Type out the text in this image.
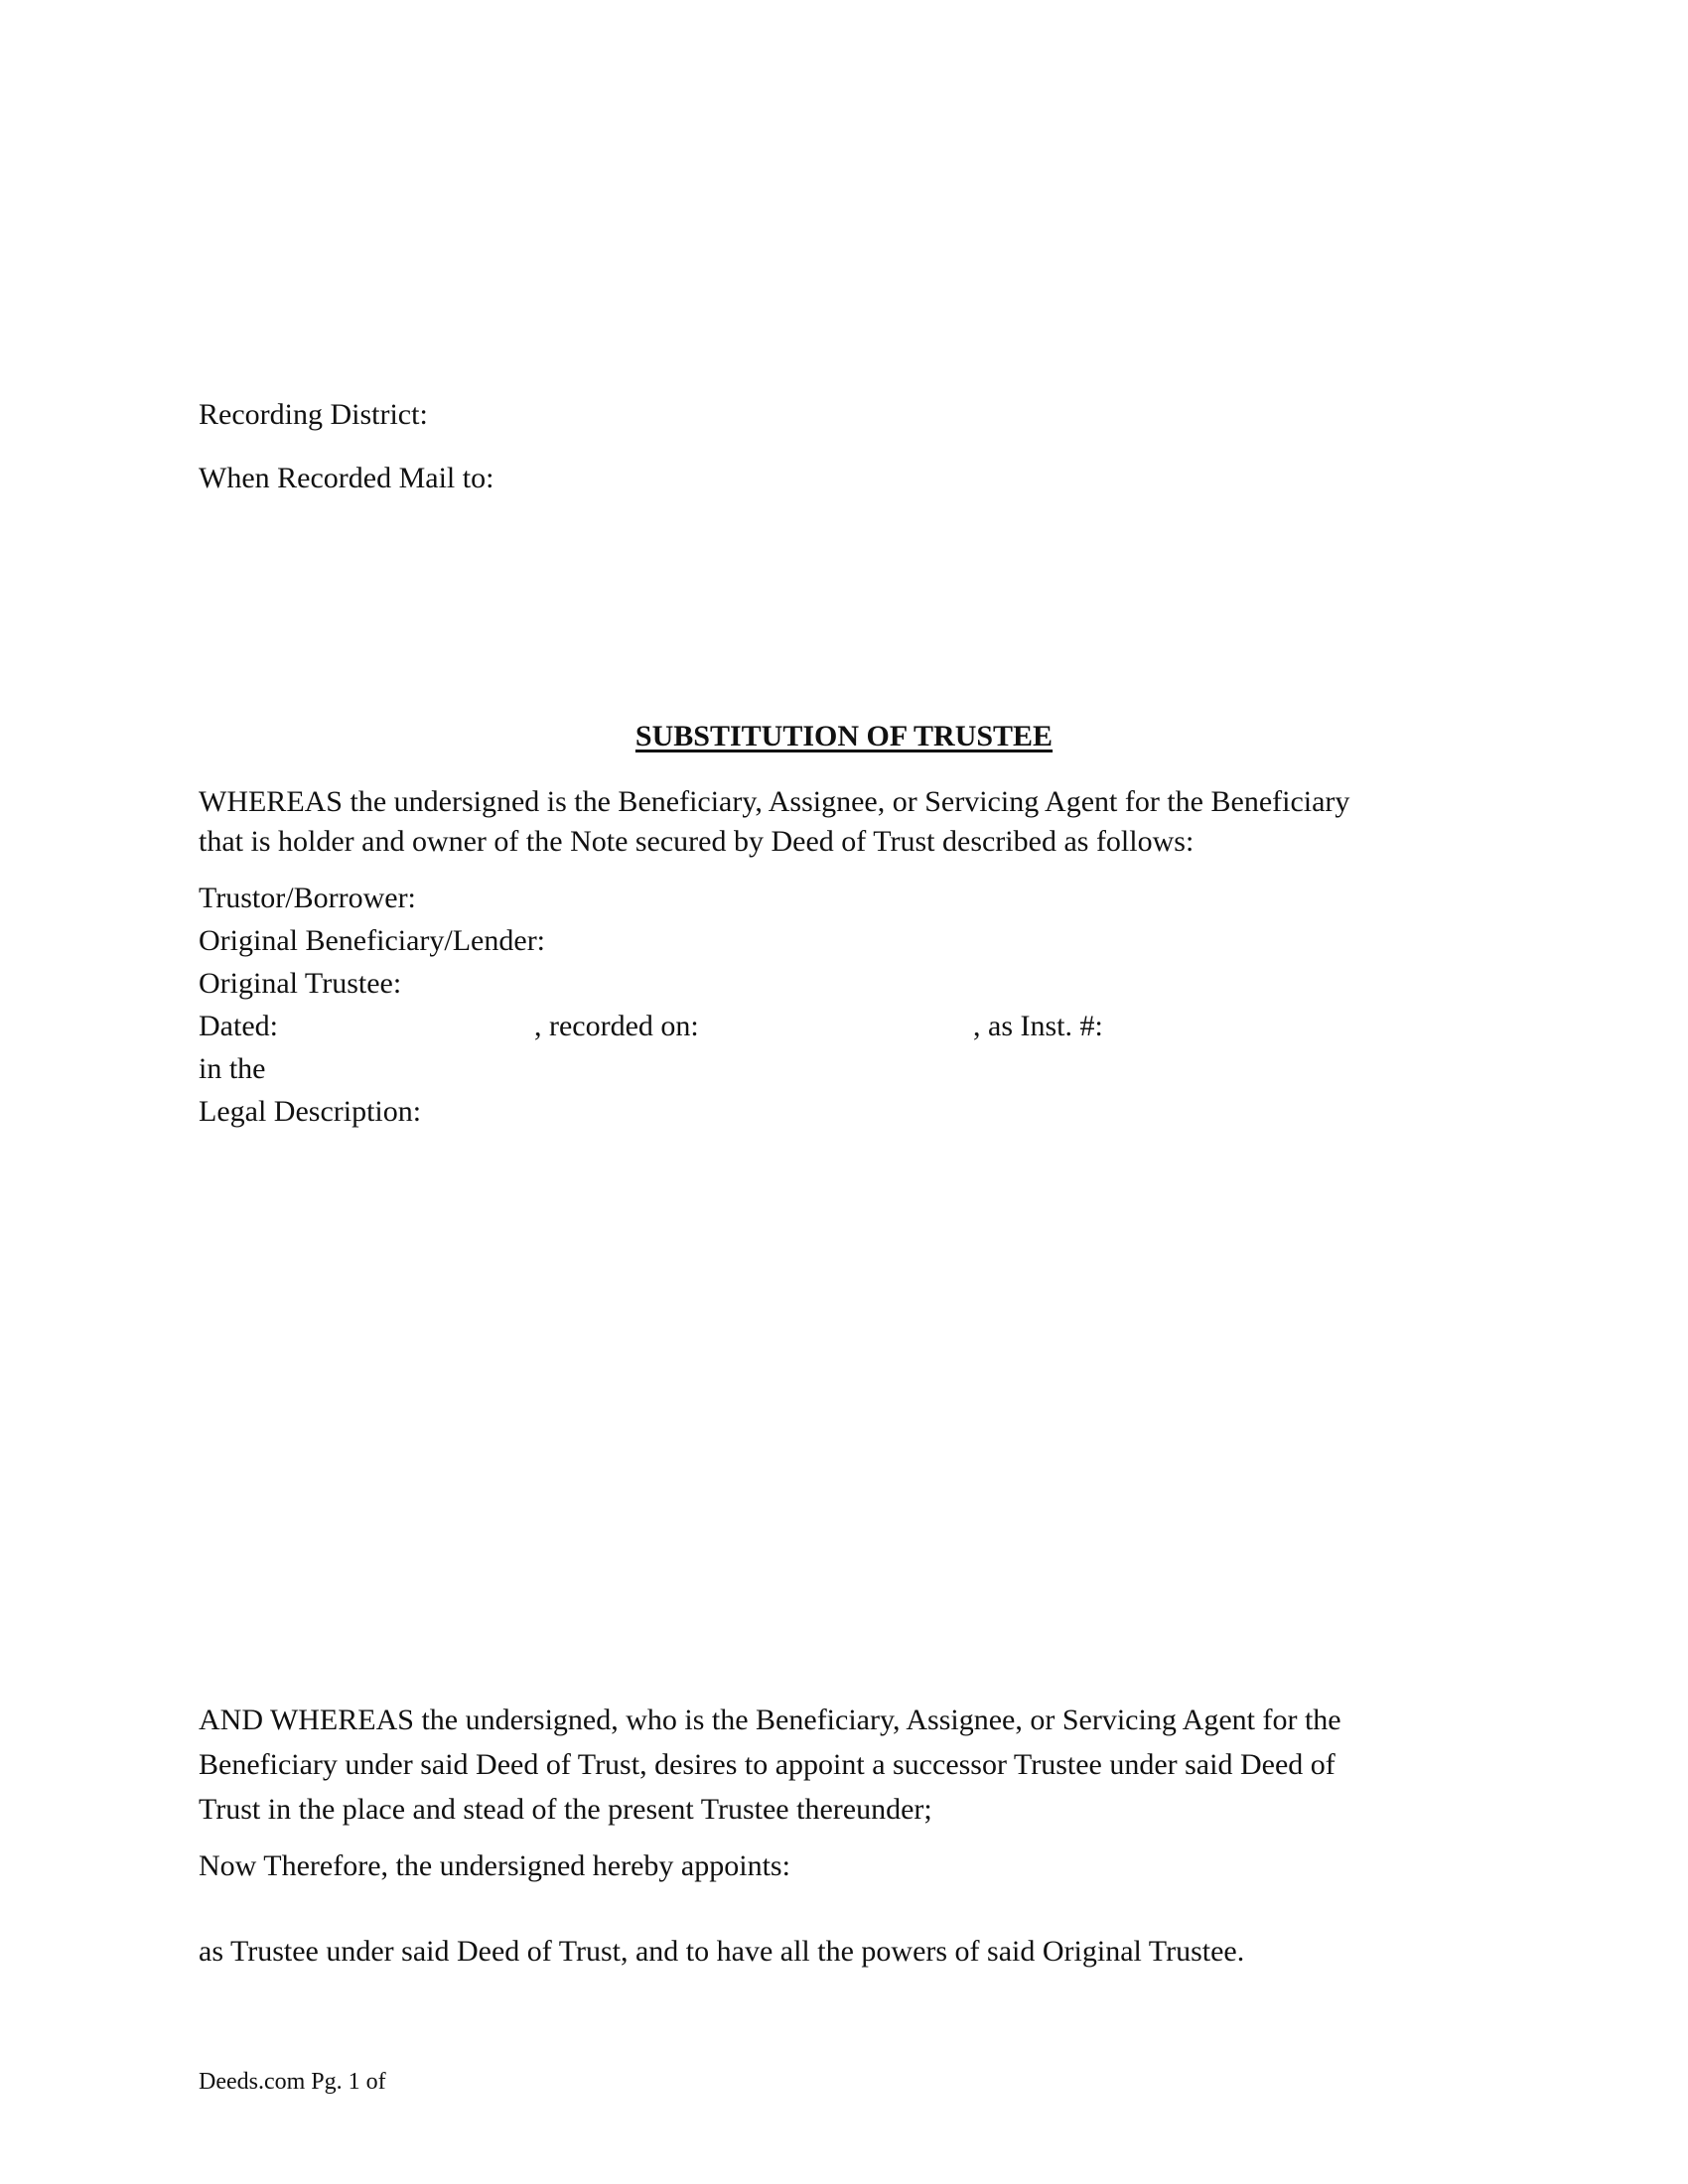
Recording District:
When Recorded Mail to:
SUBSTITUTION OF TRUSTEE
WHEREAS the undersigned is the Beneficiary, Assignee, or Servicing Agent for the Beneficiary
that is holder and owner of the Note secured by Deed of Trust described as follows:
Trustor/Borrower:
Original Beneficiary/Lender:
Original Trustee:
Dated:	, recorded on:	, as Inst. #:
in the
Legal Description:
AND WHEREAS the undersigned, who is the Beneficiary, Assignee, or Servicing Agent for the
Beneficiary under said Deed of Trust, desires to appoint a successor Trustee under said Deed of
Trust in the place and stead of the present Trustee thereunder;
Now Therefore, the undersigned hereby appoints:
as Trustee under said Deed of Trust, and to have all the powers of said Original Trustee.
Deeds.com Pg. 1 of
